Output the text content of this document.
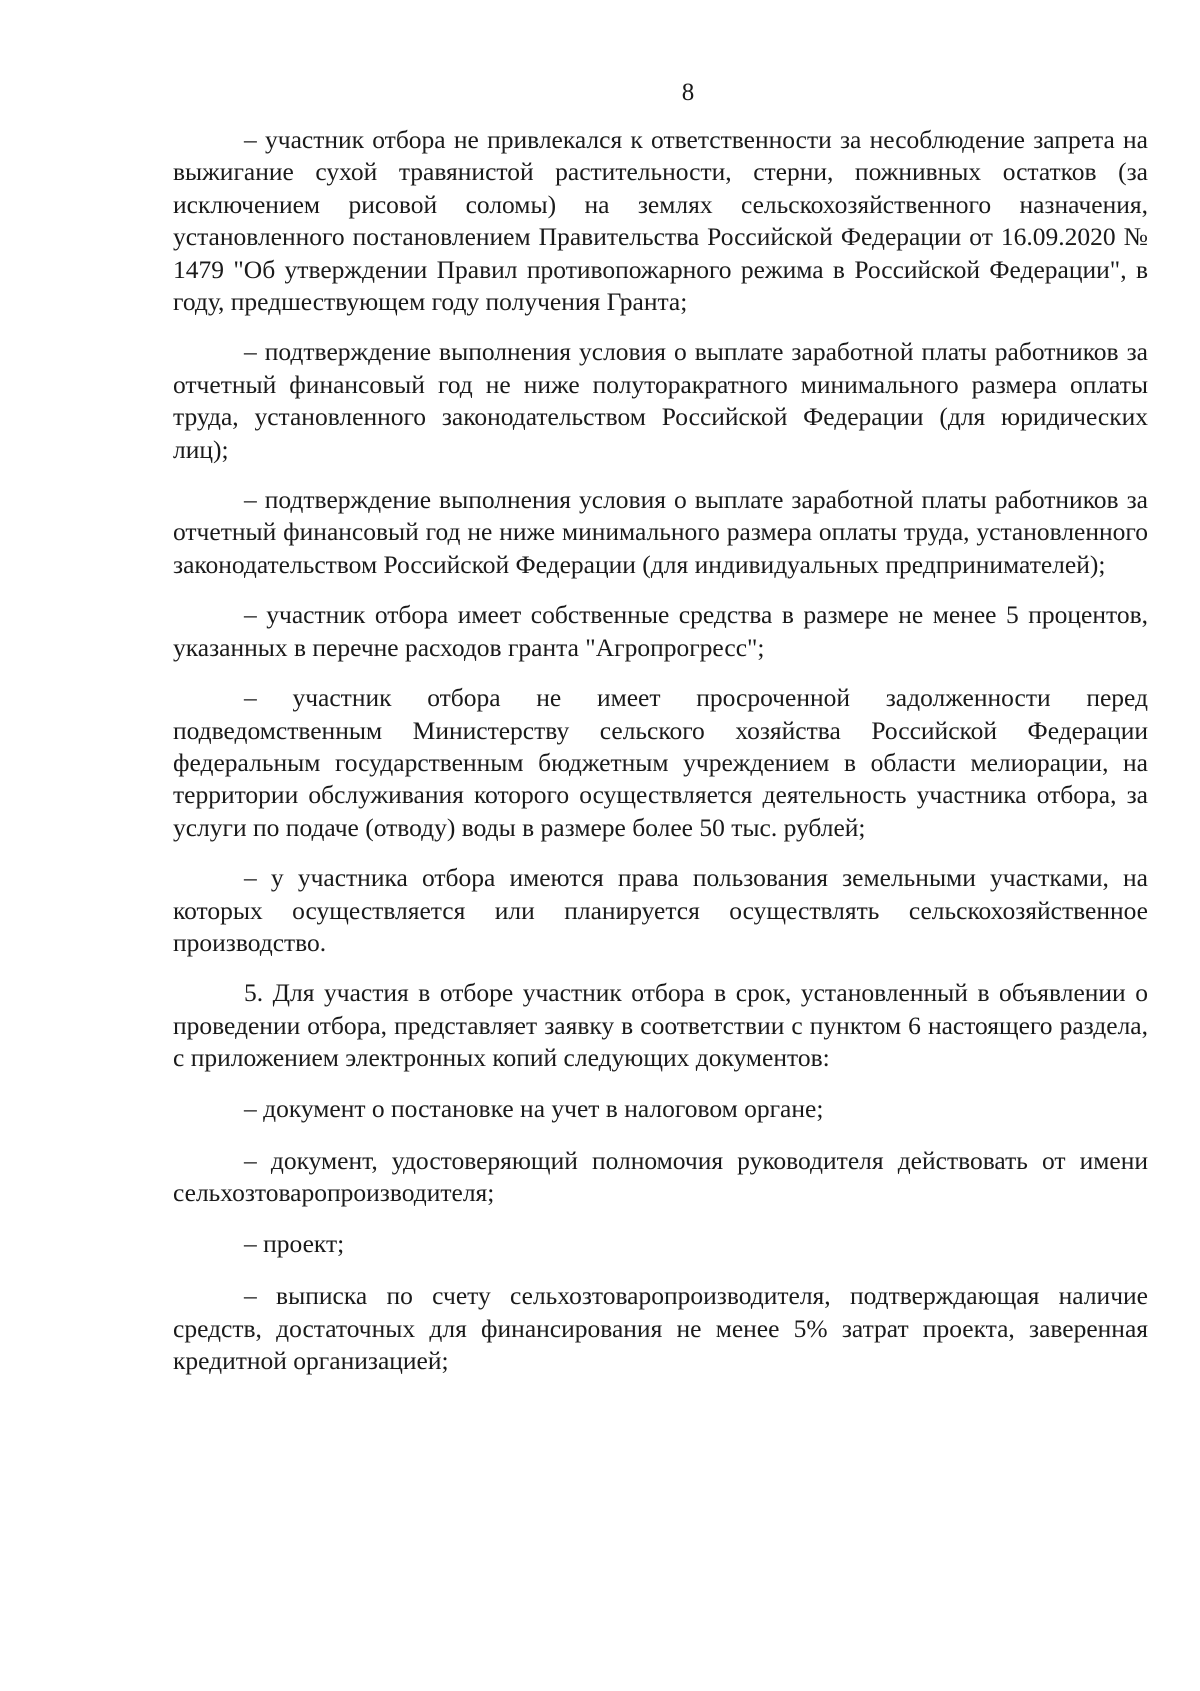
8

– участник отбора не привлекался к ответственности за несоблюдение запрета на выжигание сухой травянистой растительности, стерни, пожнивных остатков (за исключением рисовой соломы) на землях сельскохозяйственного назначения, установленного постановлением Правительства Российской Федерации от 16.09.2020 № 1479 "Об утверждении Правил противопожарного режима в Российской Федерации", в году, предшествующем году получения Гранта;

– подтверждение выполнения условия о выплате заработной платы работников за отчетный финансовый год не ниже полуторакратного минимального размера оплаты труда, установленного законодательством Российской Федерации (для юридических лиц);

– подтверждение выполнения условия о выплате заработной платы работников за отчетный финансовый год не ниже минимального размера оплаты труда, установленного законодательством Российской Федерации (для индивидуальных предпринимателей);

– участник отбора имеет собственные средства в размере не менее 5 процентов, указанных в перечне расходов гранта "Агропрогресс";

– участник отбора не имеет просроченной задолженности перед подведомственным Министерству сельского хозяйства Российской Федерации федеральным государственным бюджетным учреждением в области мелиорации, на территории обслуживания которого осуществляется деятельность участника отбора, за услуги по подаче (отводу) воды в размере более 50 тыс. рублей;

– у участника отбора имеются права пользования земельными участками, на которых осуществляется или планируется осуществлять сельскохозяйственное производство.

5. Для участия в отборе участник отбора в срок, установленный в объявлении о проведении отбора, представляет заявку в соответствии с пунктом 6 настоящего раздела, с приложением электронных копий следующих документов:

– документ о постановке на учет в налоговом органе;

– документ, удостоверяющий полномочия руководителя действовать от имени сельхозтоваропроизводителя;

– проект;

– выписка по счету сельхозтоваропроизводителя, подтверждающая наличие средств, достаточных для финансирования не менее 5% затрат проекта, заверенная кредитной организацией;
